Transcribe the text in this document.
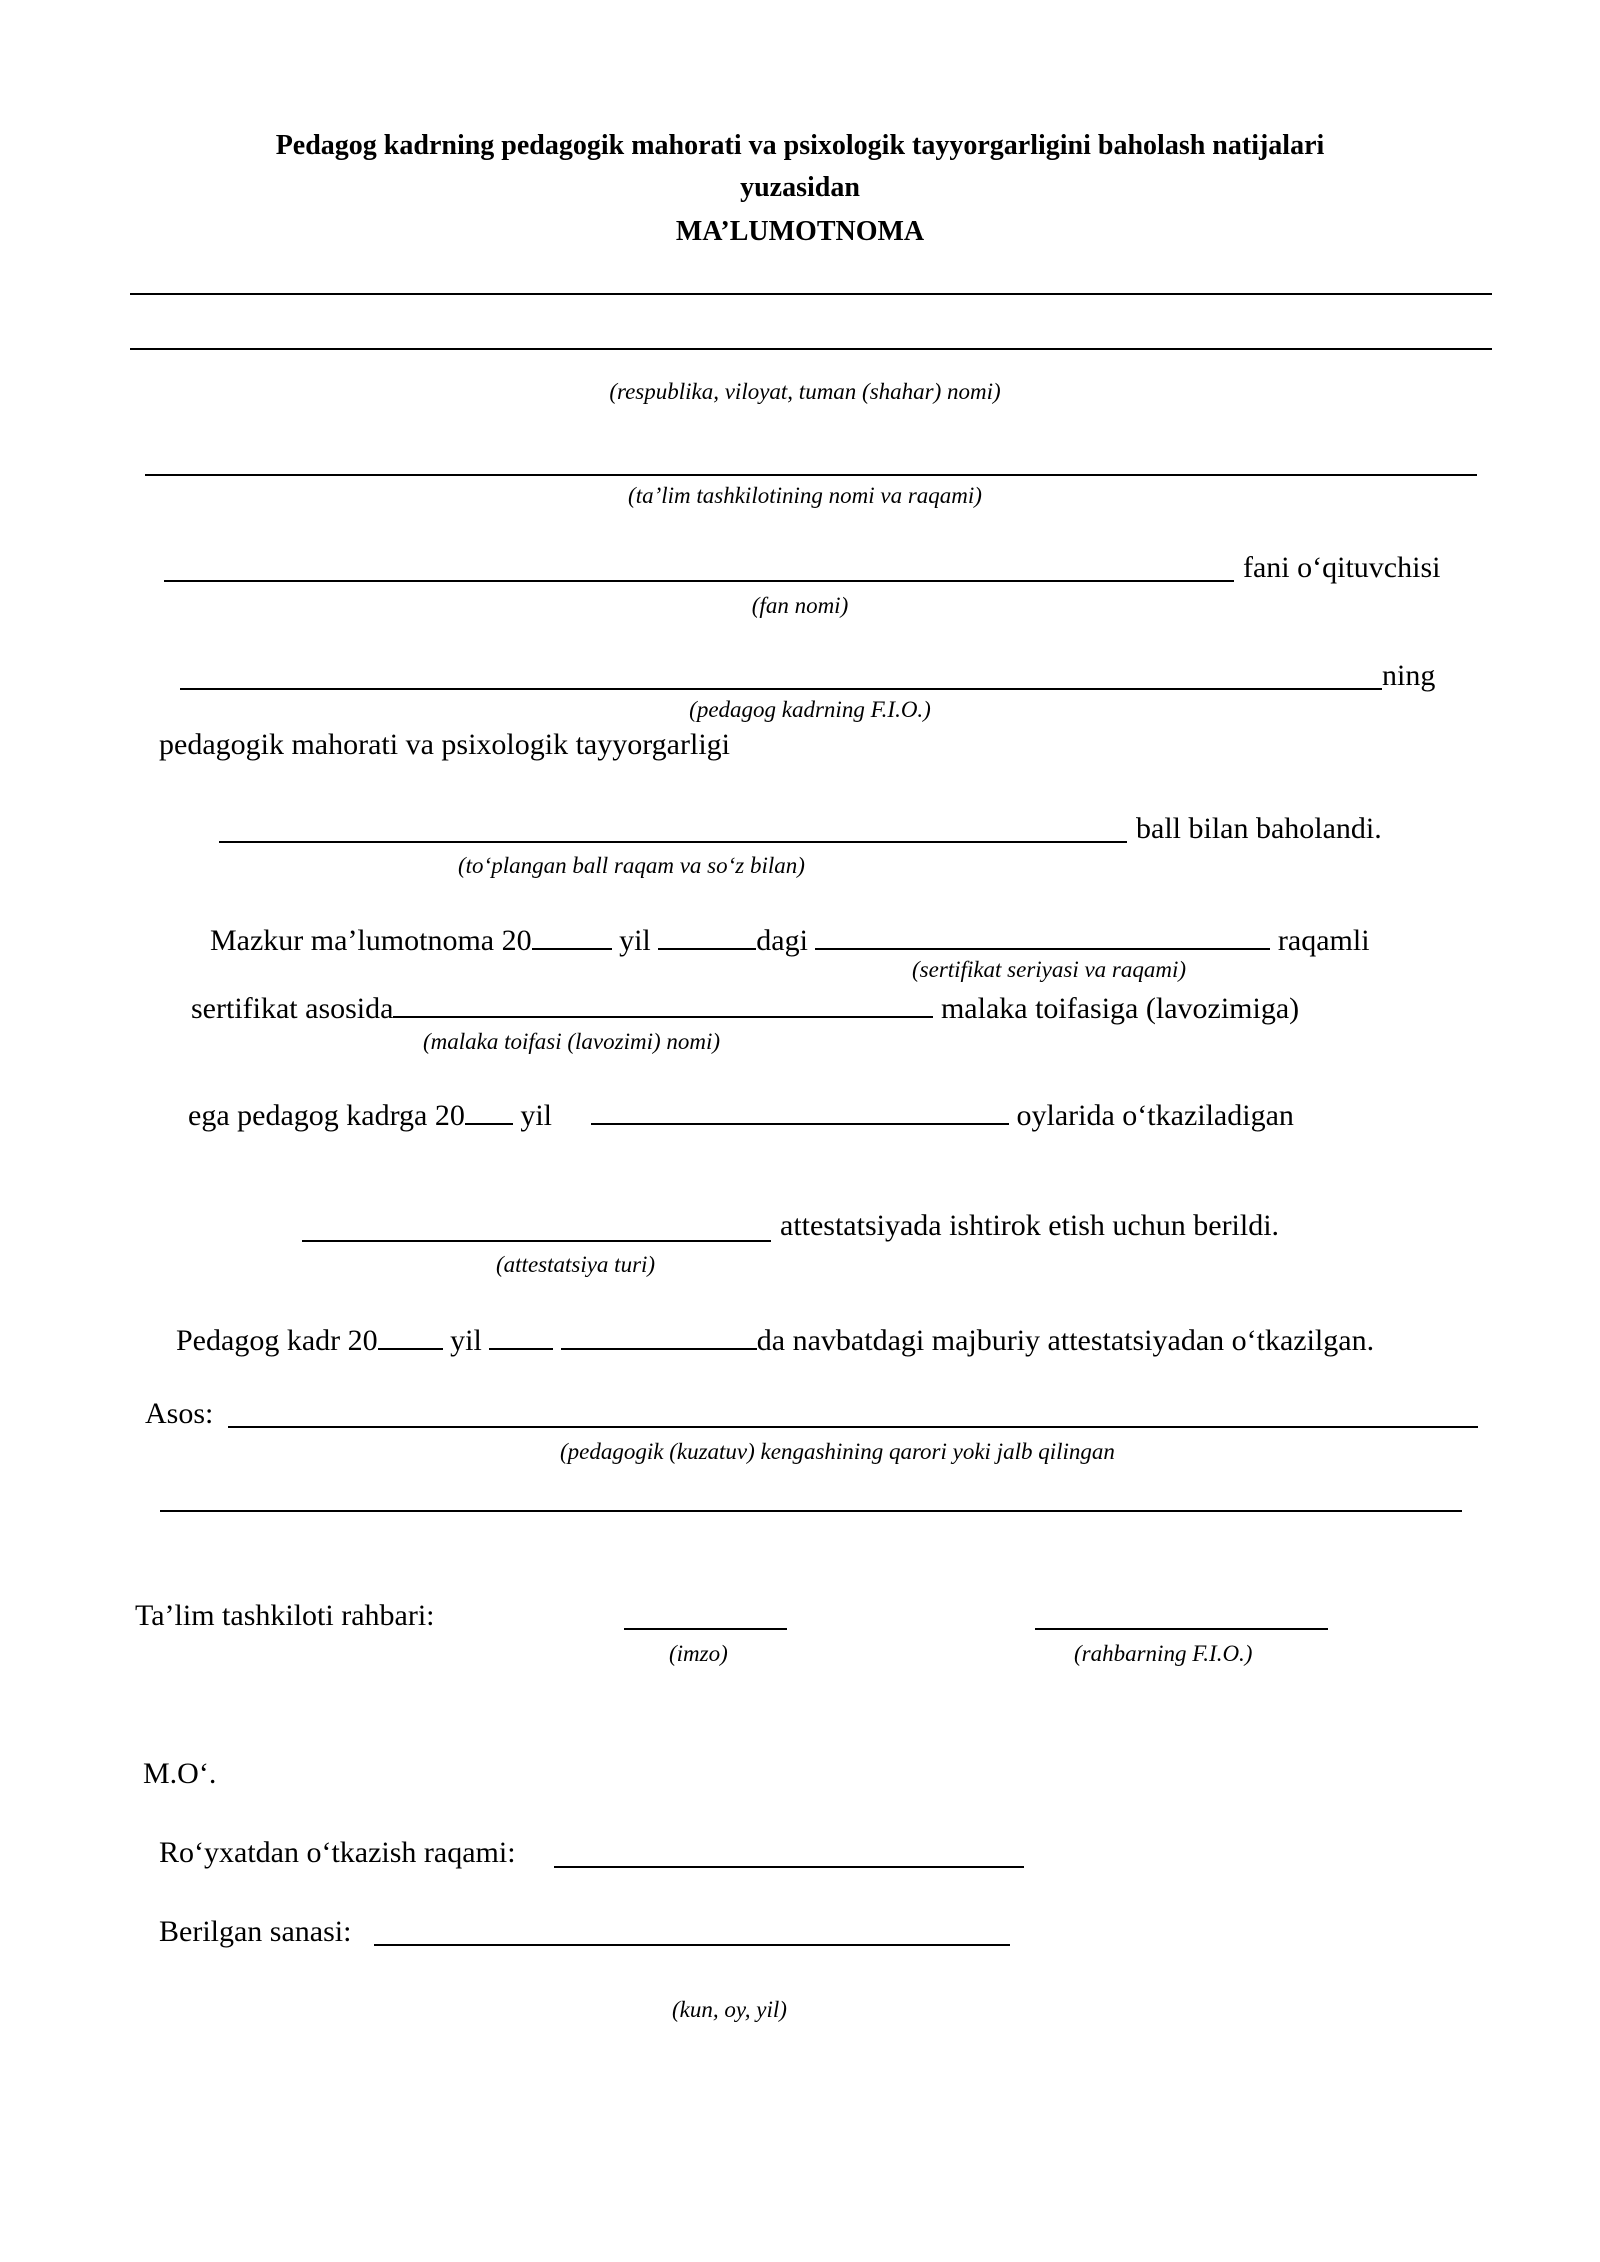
Pedagog kadrning pedagogik mahorati va psixologik tayyorgarligini baholash natijalari
yuzasidan
MA’LUMOTNOMA
(respublika, viloyat, tuman (shahar) nomi)
(ta’lim tashkilotining nomi va raqami)
fani o‘qituvchisi
(fan nomi)
ning
(pedagog kadrning F.I.O.)
pedagogik mahorati va psixologik tayyorgarligi
ball bilan baholandi.
(to‘plangan ball raqam va so‘z bilan)
Mazkur ma’lumotnoma 20	yil	dagi	raqamli
(sertifikat seriyasi va raqami)
sertifikat asosida	malaka toifasiga (lavozimiga)
(malaka toifasi (lavozimi) nomi)
ega pedagog kadrga 20 yil	oylarida o‘tkaziladigan
attestatsiyada ishtirok etish uchun berildi.
(attestatsiya turi)
Pedagog kadr 20 yil	da navbatdagi majburiy attestatsiyadan o‘tkazilgan.
Asos:
(pedagogik (kuzatuv) kengashining qarori yoki jalb qilingan
Ta’lim tashkiloti rahbari:
(imzo)	(rahbarning F.I.O.)
M.O‘.
Ro‘yxatdan o‘tkazish raqami:
Berilgan sanasi:
(kun, oy, yil)
